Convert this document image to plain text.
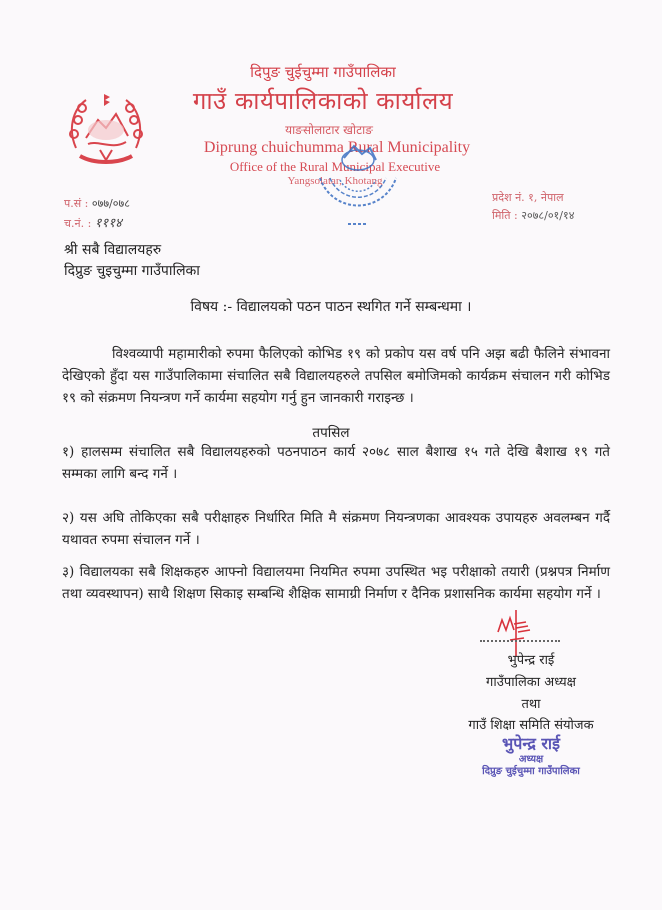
दिपुङ चुईचुम्मा गाउँपालिका
गाउँ कार्यपालिकाको कार्यालय
याङसोलाटार खोटाङ
Diprung chuichumma Rural Municipality
Office of the Rural Municipal Executive
Yangsolatar, Khotang
प.सं : ०७७/०७८
च.नं. : १११४
प्रदेश नं. १, नेपाल
मिति : २०७८/०१/१४
श्री सबै विद्यालयहरु
दिप्रुङ चुइचुम्मा गाउँपालिका
विषय :- विद्यालयको पठन पाठन स्थगित गर्ने सम्बन्धमा ।
विश्वव्यापी महामारीको रुपमा फैलिएको कोभिड १९ को प्रकोप यस वर्ष पनि अझ बढी फैलिने संभावना देखिएको हुँदा यस गाउँपालिकामा संचालित सबै विद्यालयहरुले तपसिल बमोजिमको कार्यक्रम संचालन गरी कोभिड १९ को संक्रमण नियन्त्रण गर्ने कार्यमा सहयोग गर्नु हुन जानकारी गराइन्छ ।
तपसिल
१) हालसम्म संचालित सबै विद्यालयहरुको पठनपाठन कार्य २०७८ साल बैशाख १५ गते देखि बैशाख १९ गते सम्मका लागि बन्द गर्ने ।
२) यस अघि तोकिएका सबै परीक्षाहरु निर्धारित मिति मै संक्रमण नियन्त्रणका आवश्यक उपायहरु अवलम्बन गर्दै यथावत रुपमा संचालन गर्ने ।
३) विद्यालयका सबै शिक्षकहरु आफ्नो विद्यालयमा नियमित रुपमा उपस्थित भइ परीक्षाको तयारी (प्रश्नपत्र निर्माण तथा व्यवस्थापन) साथै शिक्षण सिकाइ सम्बन्धि शैक्षिक सामाग्री निर्माण र दैनिक प्रशासनिक कार्यमा सहयोग गर्ने ।
भुपेन्द्र राई
गाउँपालिका अध्यक्ष
तथा
गाउँ शिक्षा समिति संयोजक
भुपेन्द्र राई
अध्यक्ष
दिप्रुङ चुईचुम्मा गाउँपालिका
